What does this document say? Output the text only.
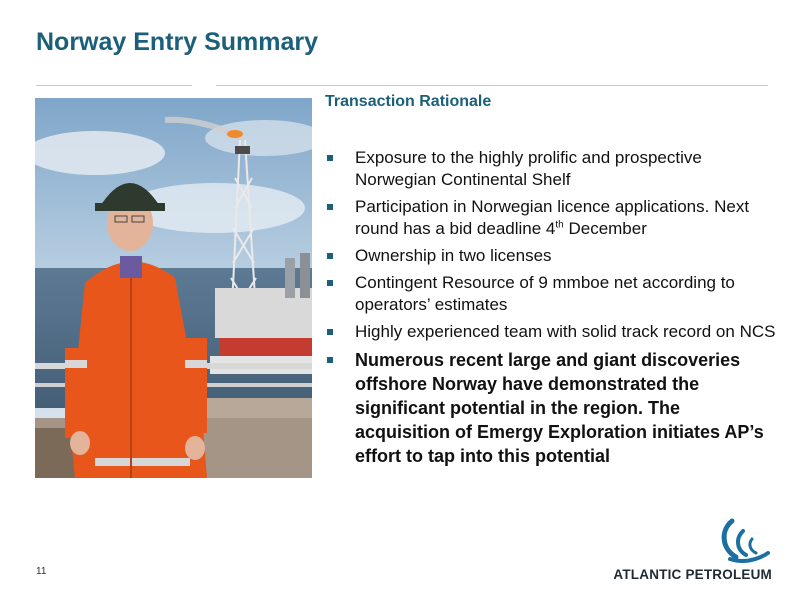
Norway Entry Summary
Transaction Rationale
Exposure to the highly prolific and prospective Norwegian Continental Shelf
Participation in Norwegian licence applications. Next round has a bid deadline 4th December
Ownership in two licenses
Contingent Resource of 9 mmboe net according to operators’ estimates
Highly experienced team with solid track record on NCS
Numerous recent large and giant discoveries offshore Norway have demonstrated the significant potential in the region. The acquisition of Emergy Exploration initiates AP’s effort to tap into this potential
11	ATLANTIC PETROLEUM
